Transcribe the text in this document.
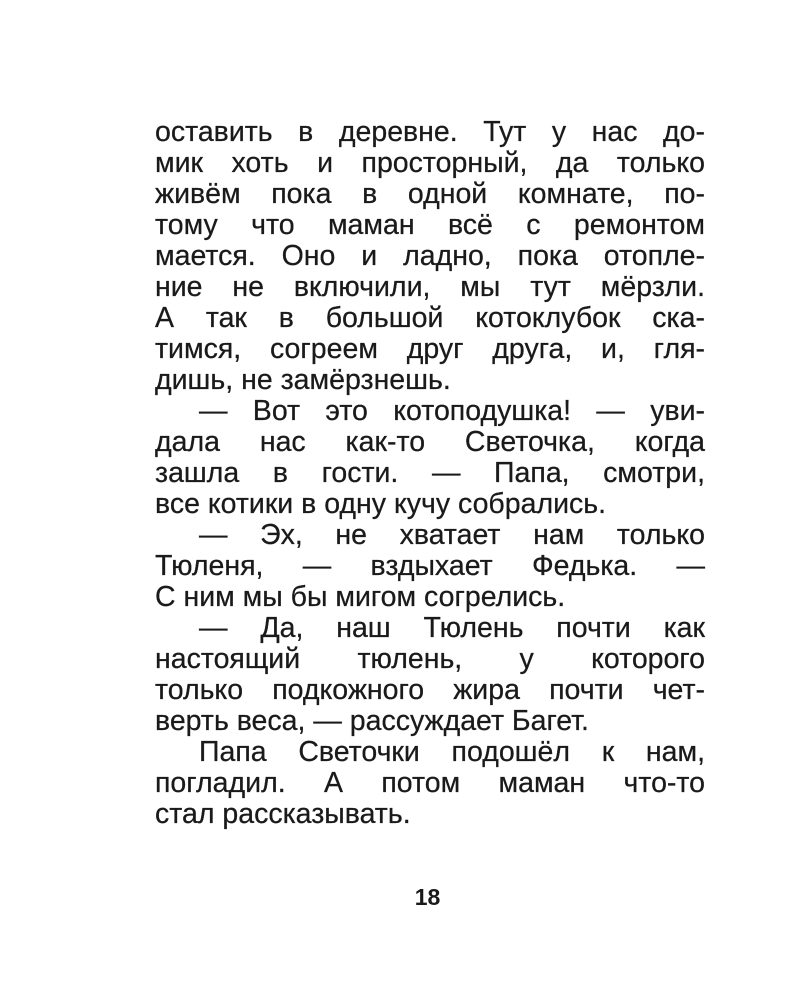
оставить в деревне. Тут у нас до-
мик хоть и просторный, да только
живём пока в одной комнате, по-
тому что маман всё с ремонтом
мается. Оно и ладно, пока отопле-
ние не включили, мы тут мёрзли.
А так в большой котоклубок ска-
тимся, согреем друг друга, и, гля-
дишь, не замёрзнешь.
— Вот это котоподушка! — уви-
дала нас как-то Светочка, когда
зашла в гости. — Папа, смотри,
все котики в одну кучу собрались.
— Эх, не хватает нам только
Тюленя, — вздыхает Федька. —
С ним мы бы мигом согрелись.
— Да, наш Тюлень почти как
настоящий тюлень, у которого
только подкожного жира почти чет-
верть веса, — рассуждает Багет.
Папа Светочки подошёл к нам,
погладил. А потом маман что-то
стал рассказывать.
18
